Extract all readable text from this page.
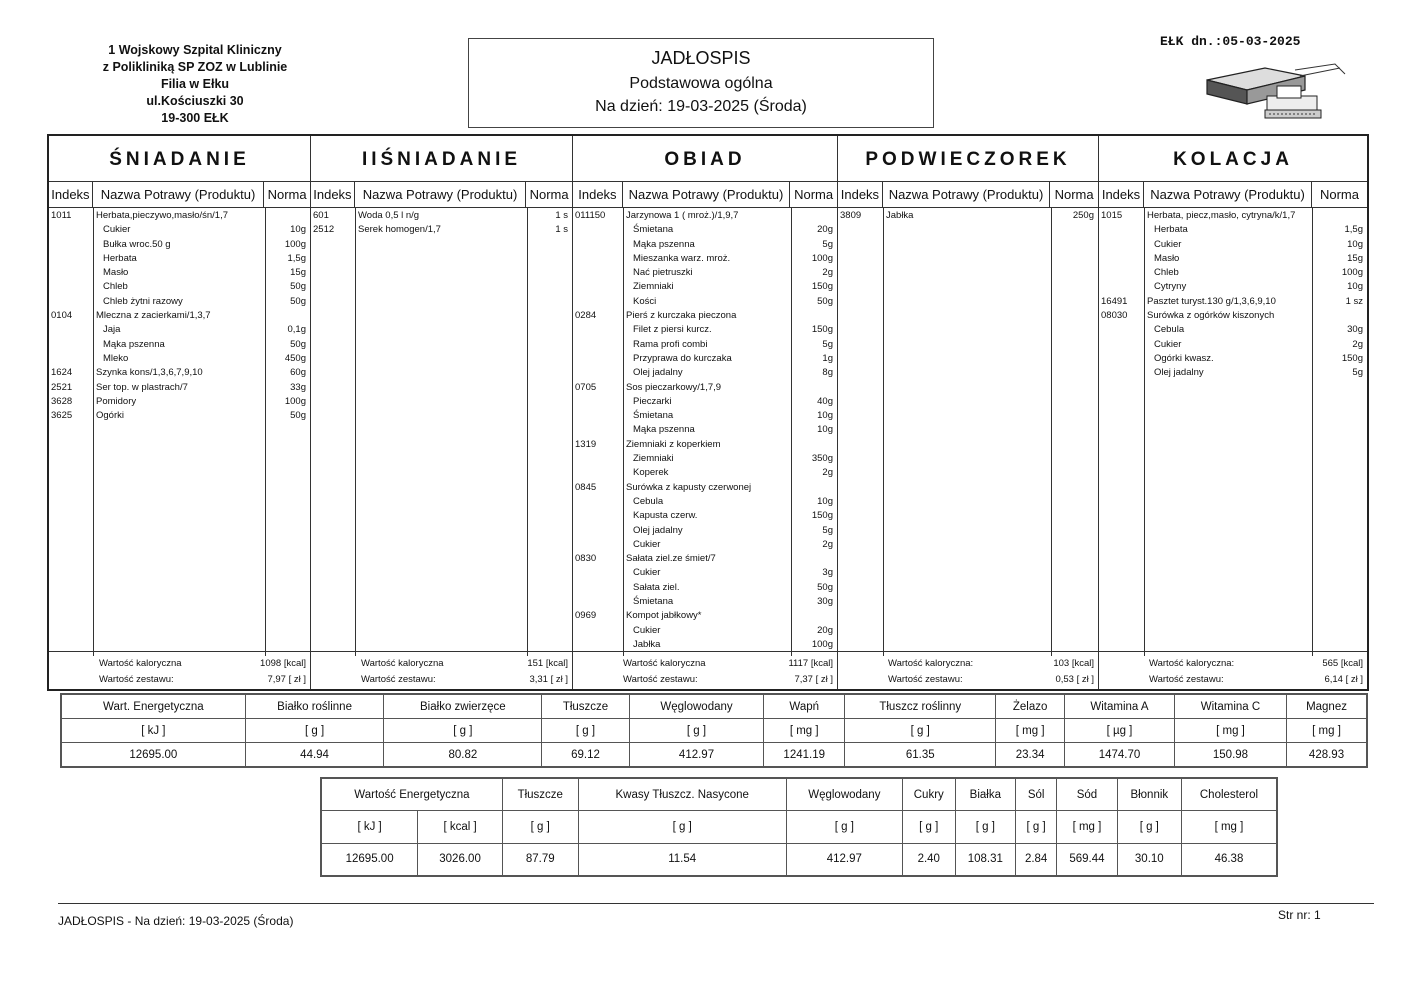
1 Wojskowy Szpital Kliniczny
z Polikliniką SP ZOZ w Lublinie
Filia w Ełku
ul.Kościuszki 30
19-300 EŁK
JADŁOSPIS
Podstawowa ogólna
Na dzień: 19-03-2025 (Środa)
EŁK dn.:05-03-2025
ŚNIADANIE
Indeks Nazwa Potrawy (Produktu) Norma
1011	Herbata,pieczywo,masło/śn/1,7
Cukier	10g
Bułka wroc.50 g	100g
Herbata	1,5g
Masło	15g
Chleb	50g
Chleb żytni razowy	50g
0104	Mleczna z zacierkami/1,3,7
Jaja	0,1g
Mąka pszenna	50g
Mleko	450g
1624	Szynka kons/1,3,6,7,9,10	60g
2521	Ser top. w plastrach/7	33g
3628	Pomidory	100g
3625	Ogórki	50g
Wartość kaloryczna	1098 [kcal]
Wartość zestawu:	7,97 [ zł ]
IIŚNIADANIE
Indeks Nazwa Potrawy (Produktu) Norma
601	Woda 0,5 l n/g	1 s
2512	Serek homogen/1,7	1 s
Wartość kaloryczna	151 [kcal]
Wartość zestawu:	3,31 [ zł ]
OBIAD
Indeks Nazwa Potrawy (Produktu) Norma
011150 Jarzynowa 1 ( mroż.)/1,9,7
Śmietana	20g
Mąka pszenna	5g
Mieszanka warz. mroż.	100g
Nać pietruszki	2g
Ziemniaki	150g
Kości	50g
0284	Pierś z kurczaka pieczona
Filet z piersi kurcz.	150g
Rama profi combi	5g
Przyprawa do kurczaka	1g
Olej jadalny	8g
0705	Sos pieczarkowy/1,7,9
Pieczarki	40g
Śmietana	10g
Mąka pszenna	10g
1319	Ziemniaki z koperkiem
Ziemniaki	350g
Koperek	2g
0845	Surówka z kapusty czerwonej
Cebula	10g
Kapusta czerw.	150g
Olej jadalny	5g
Cukier	2g
0830	Sałata ziel.ze śmiet/7
Cukier	3g
Sałata ziel.	50g
Śmietana	30g
0969	Kompot jabłkowy*
Cukier	20g
Jabłka	100g
Wartość kaloryczna	1117 [kcal]
Wartość zestawu:	7,37 [ zł ]
PODWIECZOREK
Indeks Nazwa Potrawy (Produktu) Norma
3809	Jabłka	250g
Wartość kaloryczna:	103 [kcal]
Wartość zestawu:	0,53 [ zł ]
KOLACJA
Indeks Nazwa Potrawy (Produktu)	Norma
1015	Herbata, piecz,masło, cytryna/k/1,7
Herbata	1,5g
Cukier	10g
Masło	15g
Chleb	100g
Cytryny	10g
16491 Pasztet turyst.130 g/1,3,6,9,10	1 sz
08030 Surówka z ogórków kiszonych
Cebula	30g
Cukier	2g
Ogórki kwasz.	150g
Olej jadalny	5g
Wartość kaloryczna:	565 [kcal]
Wartość zestawu:	6,14 [ zł ]
Wart. Energetyczna	Białko roślinne	Białko zwierzęce	Tłuszcze	Węglowodany	Wapń	Tłuszcz roślinny	Żelazo	Witamina A	Witamina C	Magnez
[ kJ ]	[ g ]	[ g ]	[ g ]	[ g ]	[ mg ]	[ g ]	[ mg ]	[ µg ]	[ mg ]	[ mg ]
12695.00	44.94	80.82	69.12	412.97	1241.19	61.35	23.34	1474.70	150.98	428.93
Wartość Energetyczna		Tłuszcze	Kwasy Tłuszcz. Nasycone	Węglowodany	Cukry	Białka	Sól	Sód	Błonnik	Cholesterol
[ kJ ]	[ kcal ]	[ g ]	[ g ]	[ g ]	[ g ]	[ g ]	[ g ]	[ mg ]	[ g ]	[ mg ]
12695.00	3026.00	87.79	11.54	412.97	2.40	108.31	2.84	569.44	30.10	46.38
JADŁOSPIS - Na dzień: 19-03-2025 (Środa)	Str nr: 1
